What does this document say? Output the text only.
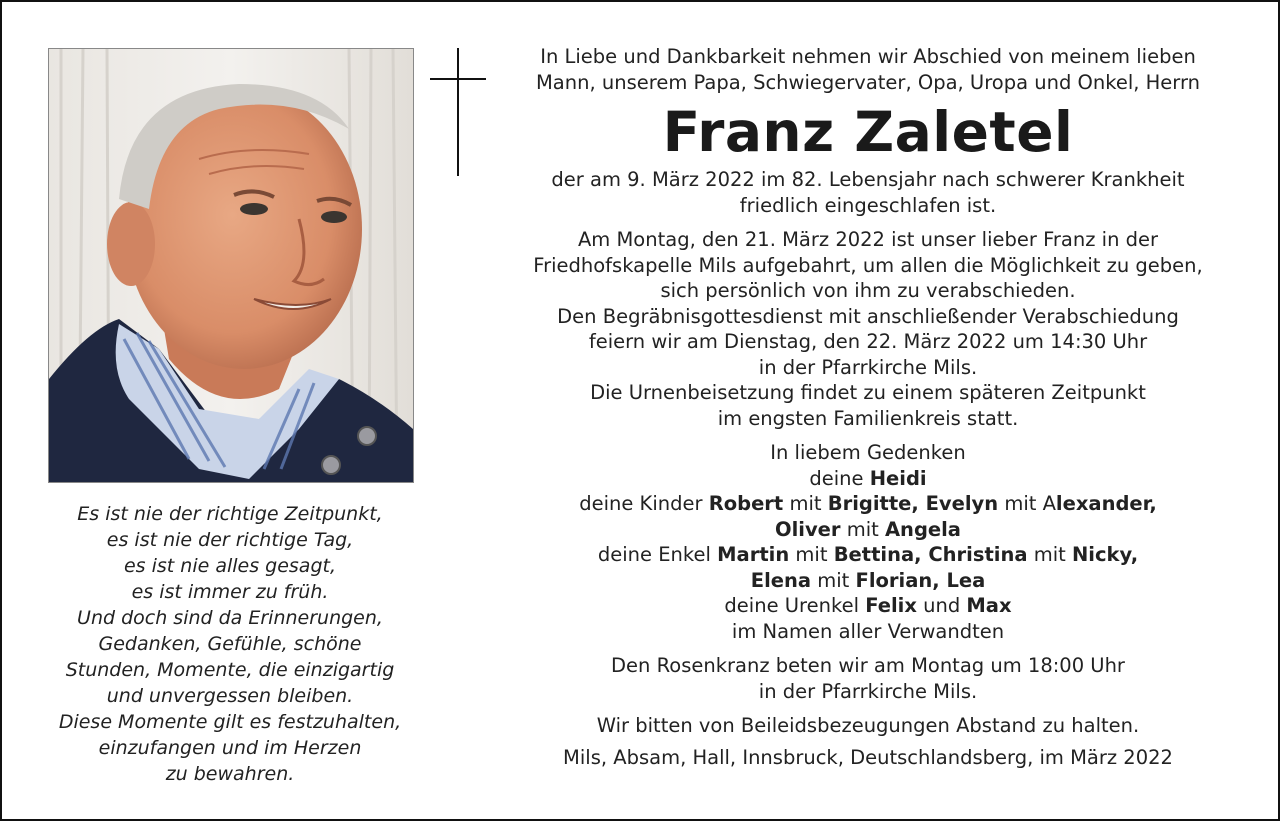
Es ist nie der richtige Zeitpunkt,
es ist nie der richtige Tag,
es ist nie alles gesagt,
es ist immer zu früh.
Und doch sind da Erinnerungen,
Gedanken, Gefühle, schöne
Stunden, Momente, die einzigartig
und unvergessen bleiben.
Diese Momente gilt es festzuhalten,
einzufangen und im Herzen
zu bewahren.
In Liebe und Dankbarkeit nehmen wir Abschied von meinem lieben
Mann, unserem Papa, Schwiegervater, Opa, Uropa und Onkel, Herrn
Franz Zaletel
der am 9. März 2022 im 82. Lebensjahr nach schwerer Krankheit
friedlich eingeschlafen ist.
Am Montag, den 21. März 2022 ist unser lieber Franz in der
Friedhofskapelle Mils aufgebahrt, um allen die Möglichkeit zu geben,
sich persönlich von ihm zu verabschieden.
Den Begräbnisgottesdienst mit anschließender Verabschiedung
feiern wir am Dienstag, den 22. März 2022 um 14:30 Uhr
in der Pfarrkirche Mils.
Die Urnenbeisetzung findet zu einem späteren Zeitpunkt
im engsten Familienkreis statt.
In liebem Gedenken
deine Heidi
deine Kinder Robert mit Brigitte, Evelyn mit Alexander,
Oliver mit Angela
deine Enkel Martin mit Bettina, Christina mit Nicky,
Elena mit Florian, Lea
deine Urenkel Felix und Max
im Namen aller Verwandten
Den Rosenkranz beten wir am Montag um 18:00 Uhr
in der Pfarrkirche Mils.
Wir bitten von Beileidsbezeugungen Abstand zu halten.
Mils, Absam, Hall, Innsbruck, Deutschlandsberg, im März 2022
